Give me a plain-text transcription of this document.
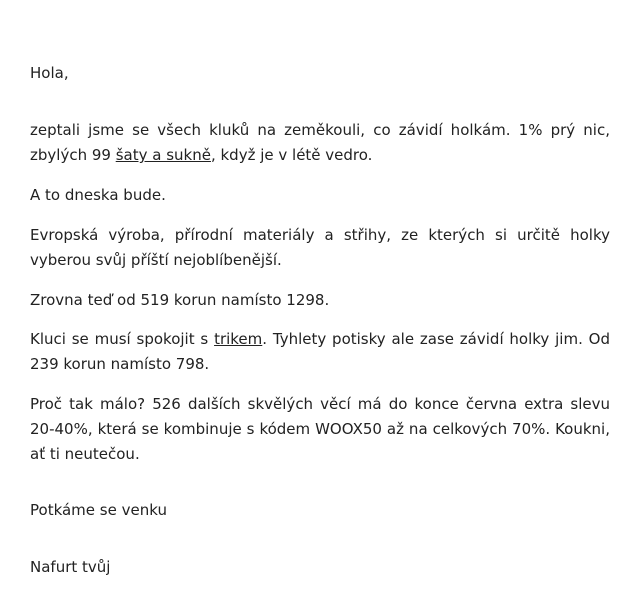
Hola,
zeptali jsme se všech kluků na zeměkouli, co závidí holkám. 1% prý nic, zbylých 99 šaty a sukně, když je v létě vedro.
A to dneska bude.
Evropská výroba, přírodní materiály a střihy, ze kterých si určitě holky vyberou svůj příští nejoblíbenější.
Zrovna teď od 519 korun namísto 1298.
Kluci se musí spokojit s trikem. Tyhlety potisky ale zase závidí holky jim. Od 239 korun namísto 798.
Proč tak málo? 526 dalších skvělých věcí má do konce června extra slevu 20-40%, která se kombinuje s kódem WOOX50 až na celkových 70%. Koukni, ať ti neutečou.
Potkáme se venku
Nafurt tvůj
